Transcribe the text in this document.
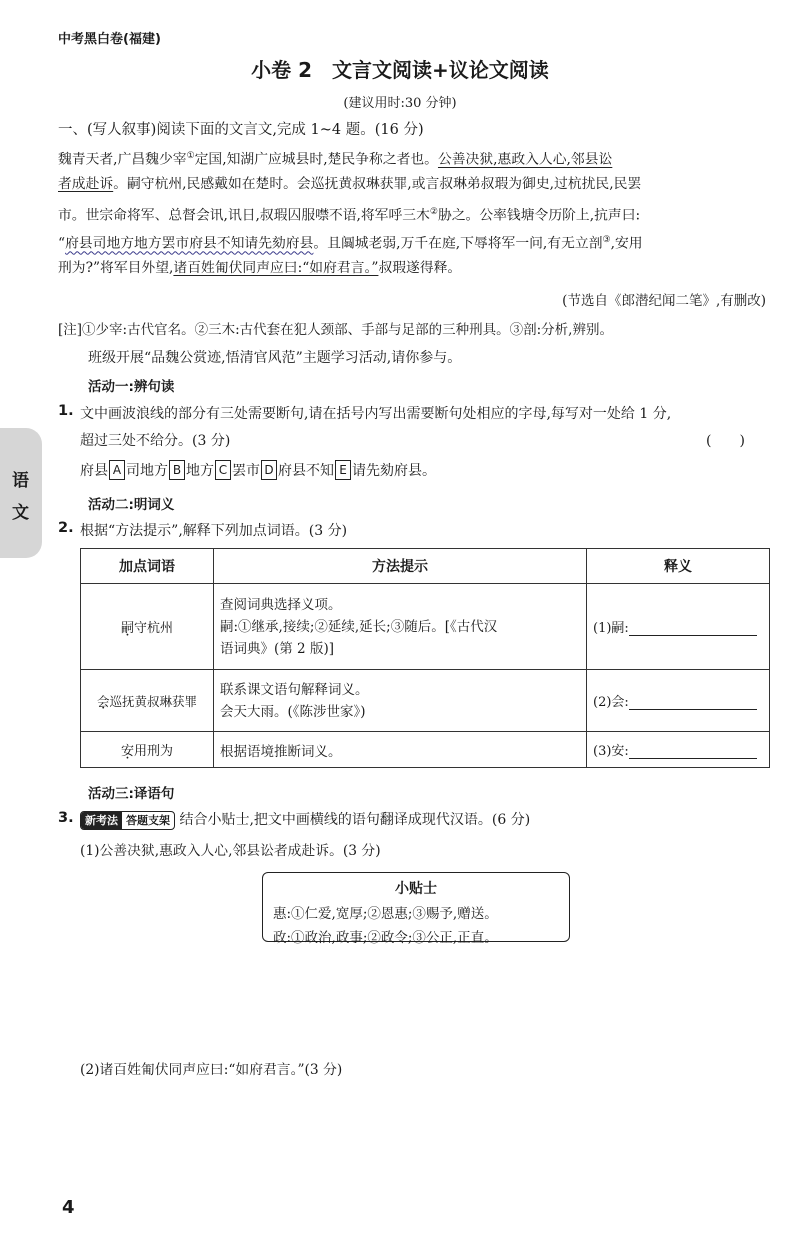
中考黑白卷(福建)
小卷 2　文言文阅读+议论文阅读
(建议用时:30 分钟)
语
文
一、(写人叙事)阅读下面的文言文,完成 1~4 题。(16 分)
魏青天者,广昌魏少宰①定国,知湖广应城县时,楚民争称之者也。公善决狱,惠政入人心,邻县讼
者成赴诉。嗣守杭州,民感戴如在楚时。会巡抚黄叔琳获罪,或言叔琳弟叔瑕为御史,过杭扰民,民罢
市。世宗命将军、总督会讯,讯日,叔瑕囚服噤不语,将军呼三木②胁之。公率钱塘令历阶上,抗声曰:
“府县司地方地方罢市府县不知请先劾府县。且阘城老弱,万千在庭,下辱将军一问,有无立剖③,安用
刑为?”将军目外望,诸百姓匍伏同声应曰:“如府君言。”叔瑕遂得释。
(节选自《郎潜纪闻二笔》,有删改)
[注]①少宰:古代官名。②三木:古代套在犯人颈部、手部与足部的三种刑具。③剖:分析,辨别。
班级开展“品魏公赏迹,悟清官风范”主题学习活动,请你参与。
活动一:辨句读
1. 文中画波浪线的部分有三处需要断句,请在括号内写出需要断句处相应的字母,每写对一处给 1 分,
超过三处不给分。(3 分)	(　　)
府县 A 司地方 B 地方 C 罢市 D 府县不知 E 请先劾府县。
活动二:明词义
2. 根据“方法提示”,解释下列加点词语。(3 分)
加点词语	方法提示	释义
嗣守杭州	查阅词典选择义项。
嗣:①继承,接续;②延续,延长;③随后。[《古代汉
语词典》(第 2 版)]	(1)嗣:
会巡抚黄叔琳获罪	联系课文语句解释词义。
会天大雨。(《陈涉世家》)	(2)会:
安用刑为	根据语境推断词义。	(3)安:
活动三:译语句
3.	新考法 答题支架 结合小贴士,把文中画横线的语句翻译成现代汉语。(6 分)
(1)公善决狱,惠政入人心,邻县讼者成赴诉。(3 分)
小贴士
惠:①仁爱,宽厚;②恩惠;③赐予,赠送。
政:①政治,政事;②政令;③公正,正直。
(2)诸百姓匍伏同声应曰:“如府君言。”(3 分)
4
